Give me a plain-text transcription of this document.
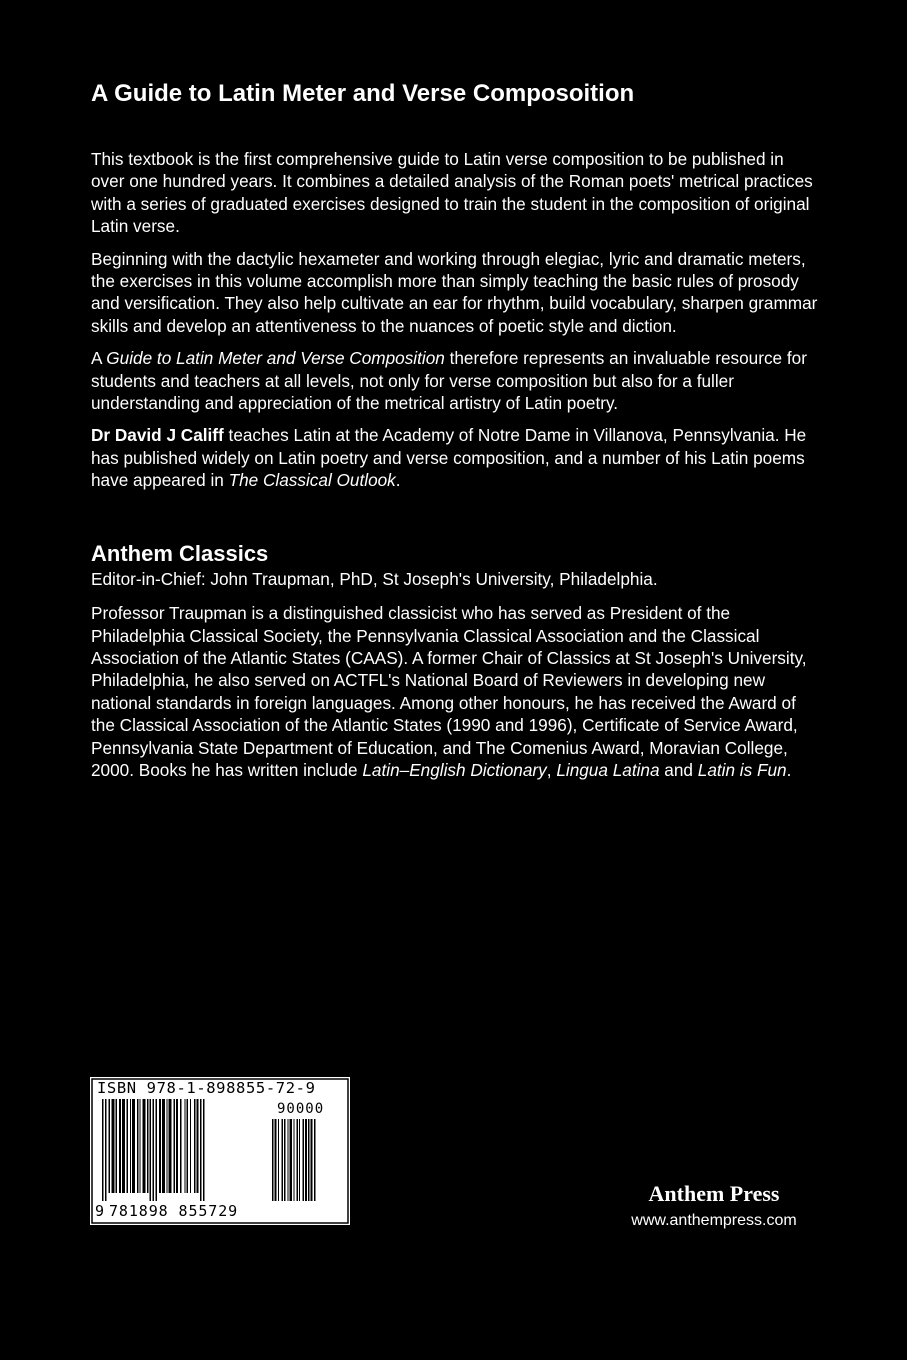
A Guide to Latin Meter and Verse Composoition

This textbook is the first comprehensive guide to Latin verse composition to be published in over one hundred years. It combines a detailed analysis of the Roman poets' metrical practices with a series of graduated exercises designed to train the student in the composition of original Latin verse.

Beginning with the dactylic hexameter and working through elegiac, lyric and dramatic meters, the exercises in this volume accomplish more than simply teaching the basic rules of prosody and versification. They also help cultivate an ear for rhythm, build vocabulary, sharpen grammar skills and develop an attentiveness to the nuances of poetic style and diction.

A Guide to Latin Meter and Verse Composition therefore represents an invaluable resource for students and teachers at all levels, not only for verse composition but also for a fuller understanding and appreciation of the metrical artistry of Latin poetry.

Dr David J Califf teaches Latin at the Academy of Notre Dame in Villanova, Pennsylvania. He has published widely on Latin poetry and verse composition, and a number of his Latin poems have appeared in The Classical Outlook.

Anthem Classics

Editor-in-Chief: John Traupman, PhD, St Joseph's University, Philadelphia.

Professor Traupman is a distinguished classicist who has served as President of the Philadelphia Classical Society, the Pennsylvania Classical Association and the Classical Association of the Atlantic States (CAAS). A former Chair of Classics at St Joseph's University, Philadelphia, he also served on ACTFL's National Board of Reviewers in developing new national standards in foreign languages. Among other honours, he has received the Award of the Classical Association of the Atlantic States (1990 and 1996), Certificate of Service Award, Pennsylvania State Department of Education, and The Comenius Award, Moravian College, 2000. Books he has written include Latin–English Dictionary, Lingua Latina and Latin is Fun.

ISBN 978-1-898855-72-9
90000
9 781898 855729
Anthem Press
www.anthempress.com
